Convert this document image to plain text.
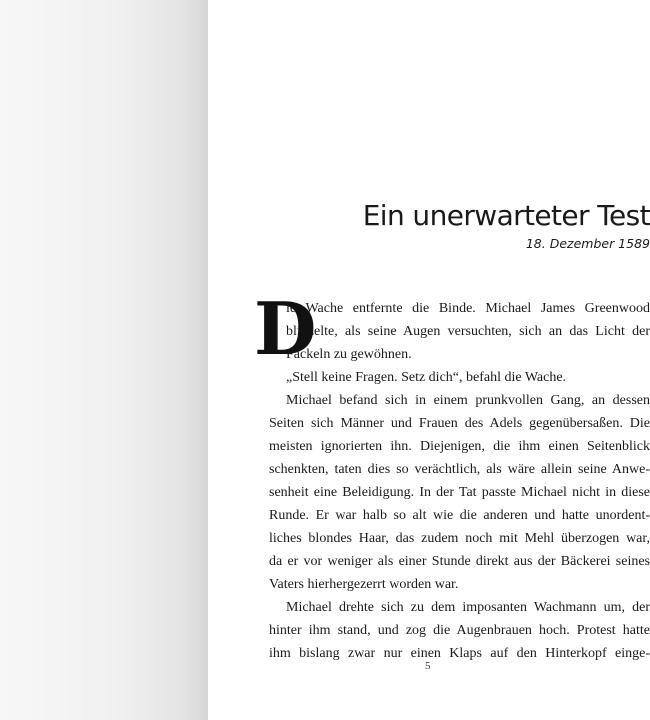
Ein unerwarteter Test
18. Dezember 1589
D
ie Wache entfernte die Binde. Michael James Greenwood
blinzelte, als seine Augen versuchten, sich an das Licht der
Fackeln zu gewöhnen.
„Stell keine Fragen. Setz dich“, befahl die Wache.
Michael befand sich in einem prunkvollen Gang, an dessen
Seiten sich Männer und Frauen des Adels gegenübersaßen. Die
meisten ignorierten ihn. Diejenigen, die ihm einen Seitenblick
schenkten, taten dies so verächtlich, als wäre allein seine Anwe-
senheit eine Beleidigung. In der Tat passte Michael nicht in diese
Runde. Er war halb so alt wie die anderen und hatte unordent-
liches blondes Haar, das zudem noch mit Mehl überzogen war,
da er vor weniger als einer Stunde direkt aus der Bäckerei seines
Vaters hierhergezerrt worden war.
Michael drehte sich zu dem imposanten Wachmann um, der
hinter ihm stand, und zog die Augenbrauen hoch. Protest hatte
ihm bislang zwar nur einen Klaps auf den Hinterkopf einge-
5
